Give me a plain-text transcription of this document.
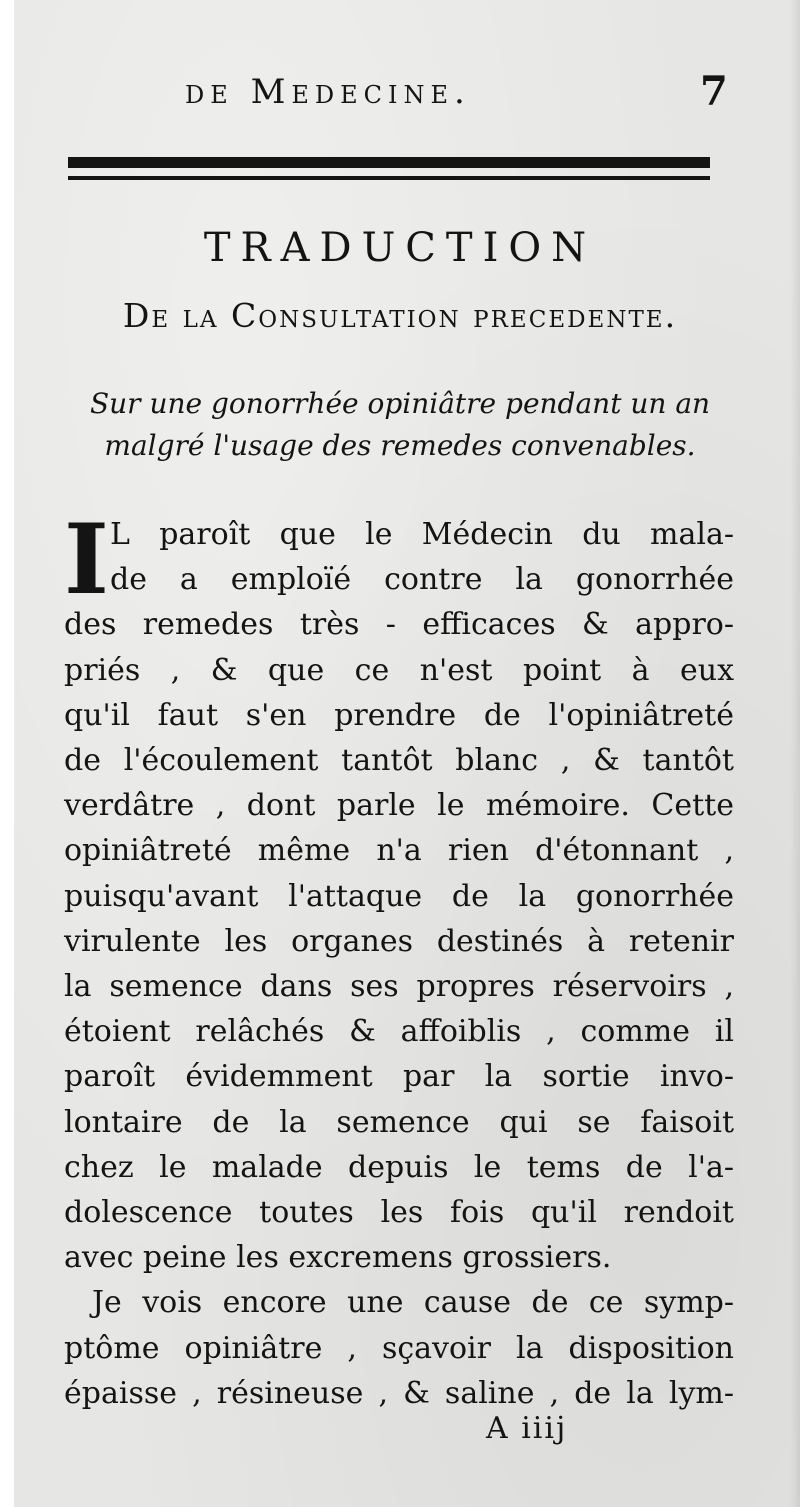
de Medecine.	7
TRADUCTION
De la Consultation precedente.
Sur une gonorrhée opiniâtre pendant un an
malgré l'usage des remedes convenables.
I L paroît que le Médecin du mala-
de a emploïé contre la gonorrhée
des remedes très - efficaces & appro-
priés , & que ce n'est point à eux
qu'il faut s'en prendre de l'opiniâtreté
de l'écoulement tantôt blanc , & tantôt
verdâtre , dont parle le mémoire. Cette
opiniâtreté même n'a rien d'étonnant ,
puisqu'avant l'attaque de la gonorrhée
virulente les organes destinés à retenir
la semence dans ses propres réservoirs ,
étoient relâchés & affoiblis , comme il
paroît évidemment par la sortie invo-
lontaire de la semence qui se faisoit
chez le malade depuis le tems de l'a-
dolescence toutes les fois qu'il rendoit
avec peine les excremens grossiers.
Je vois encore une cause de ce symp-
ptôme opiniâtre , sçavoir la disposition
épaisse , résineuse , & saline , de la lym-
A iiij
